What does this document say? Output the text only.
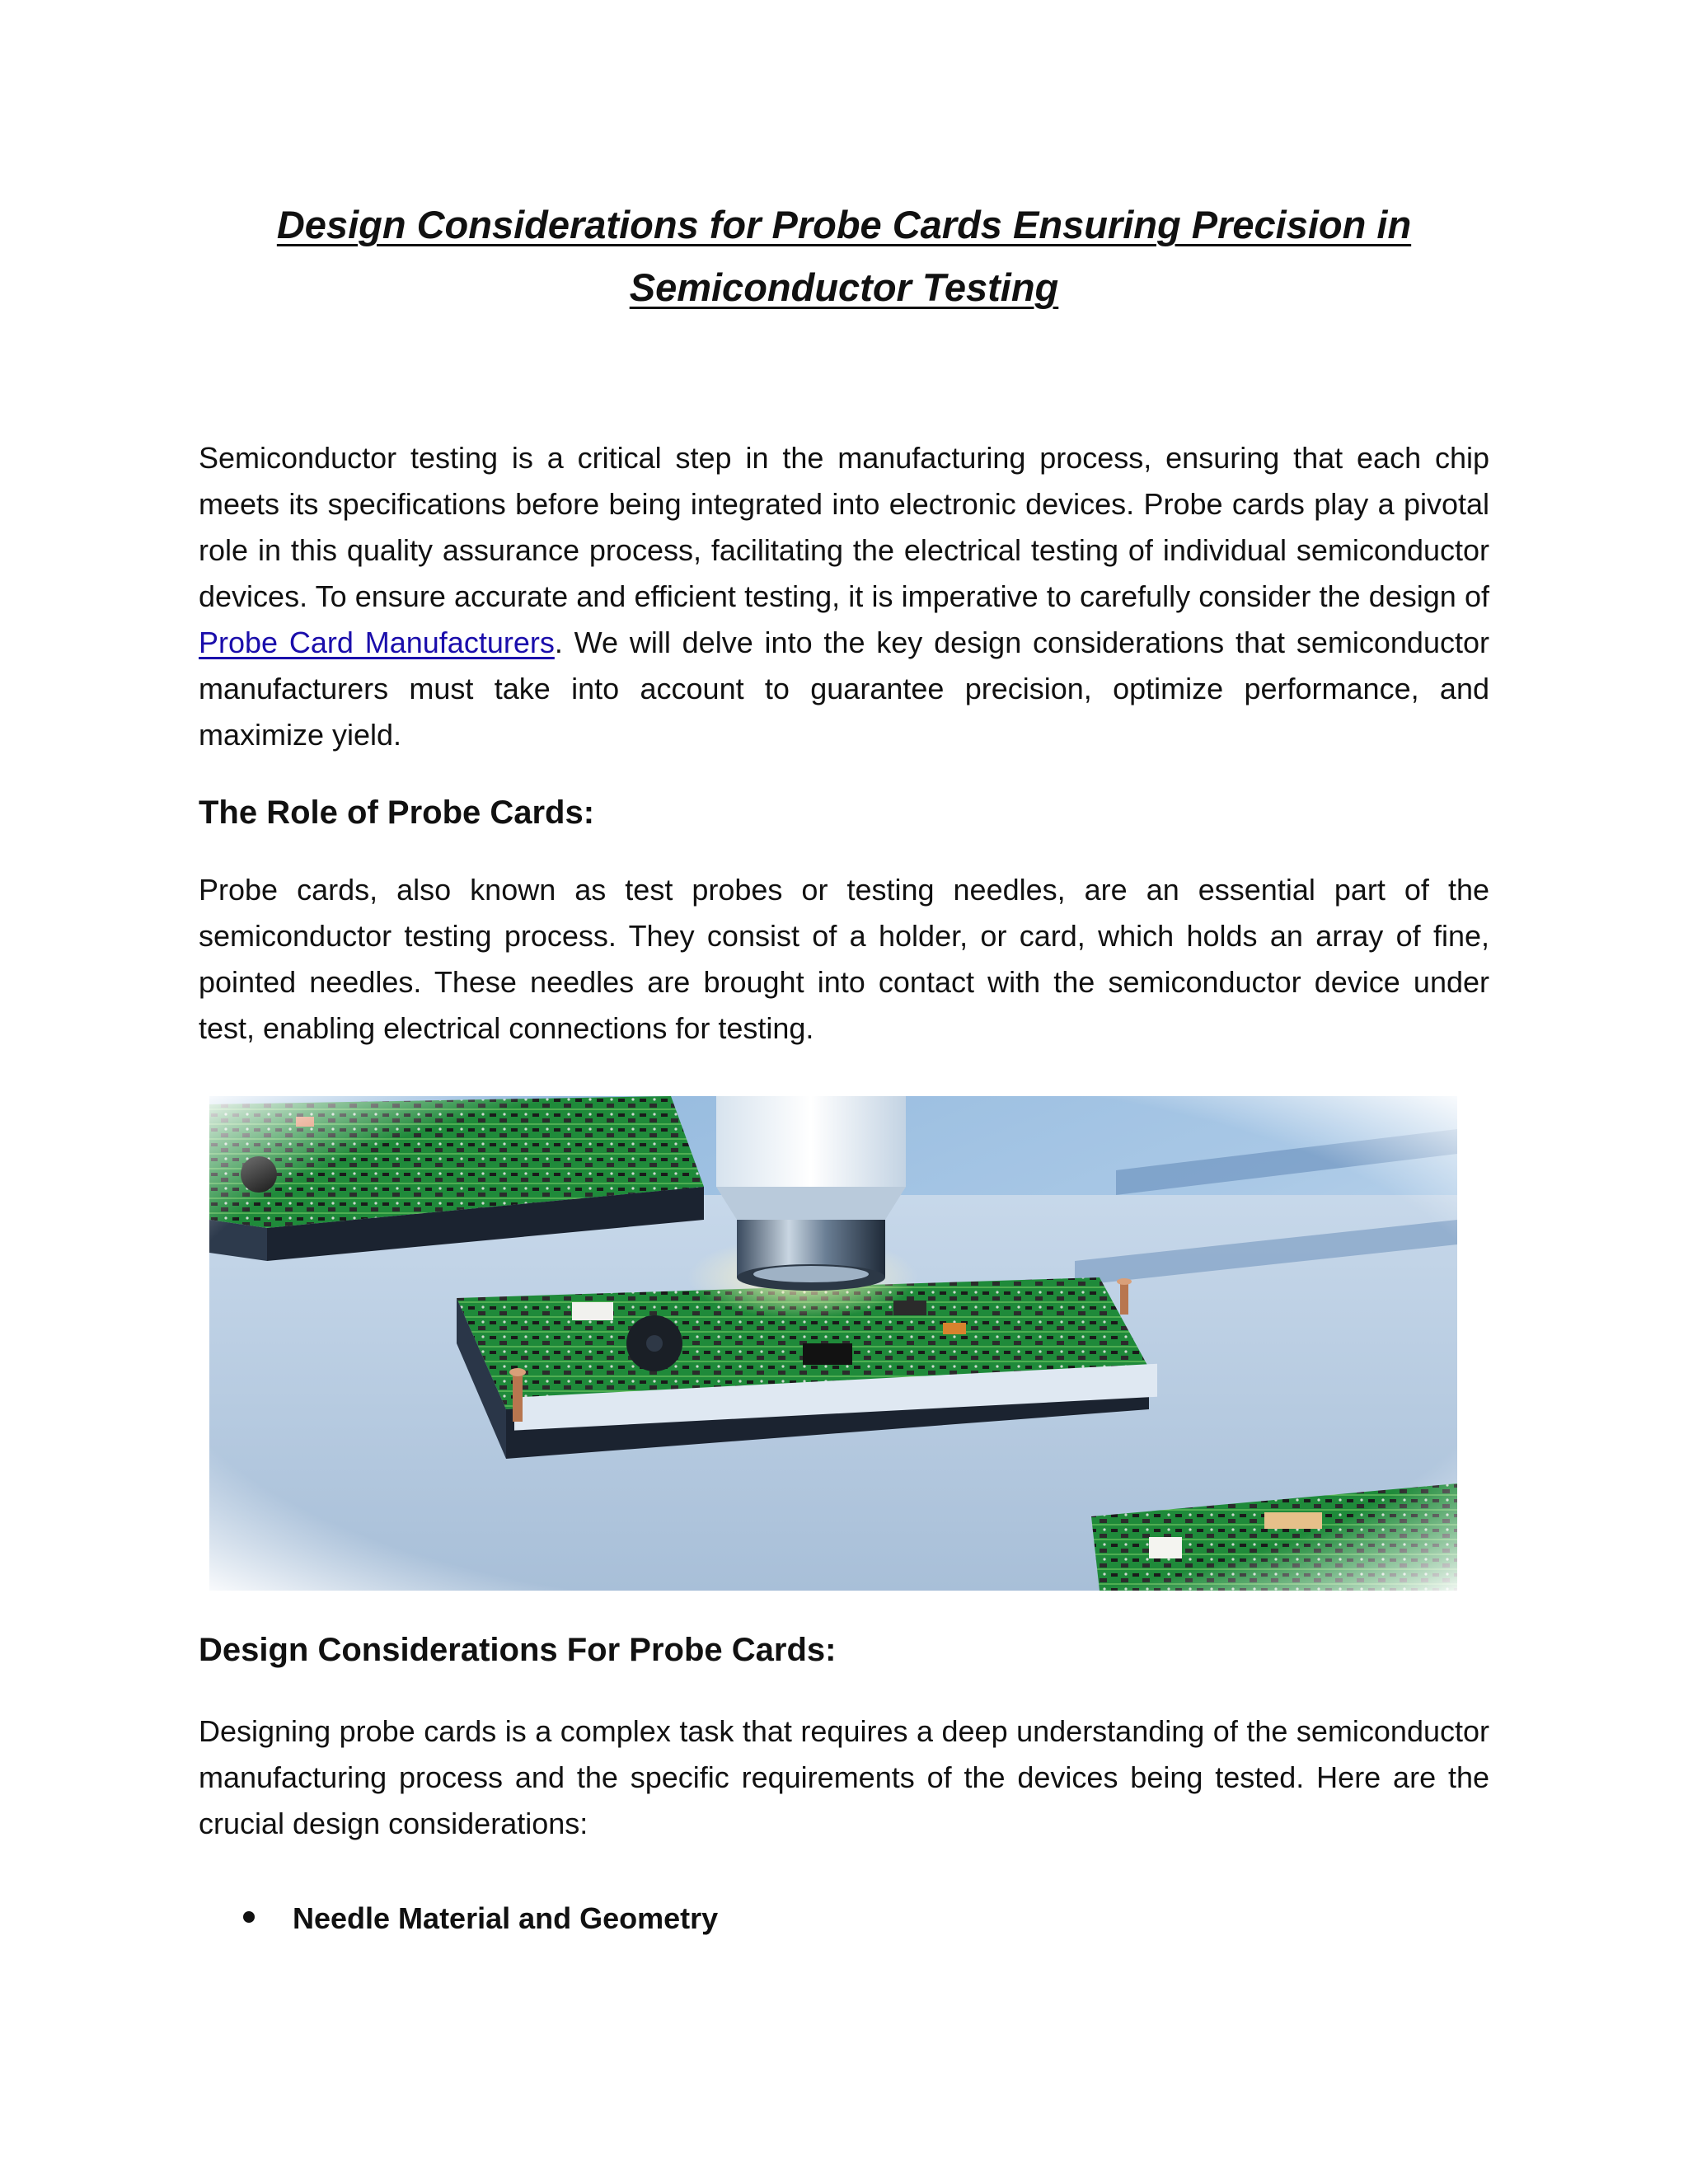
Design Considerations for Probe Cards Ensuring Precision in Semiconductor Testing

Semiconductor testing is a critical step in the manufacturing process, ensuring that each chip meets its specifications before being integrated into electronic devices. Probe cards play a pivotal role in this quality assurance process, facilitating the electrical testing of individual semiconductor devices. To ensure accurate and efficient testing, it is imperative to carefully consider the design of Probe Card Manufacturers. We will delve into the key design considerations that semiconductor manufacturers must take into account to guarantee precision, optimize performance, and maximize yield.

The Role of Probe Cards:

Probe cards, also known as test probes or testing needles, are an essential part of the semiconductor testing process. They consist of a holder, or card, which holds an array of fine, pointed needles. These needles are brought into contact with the semiconductor device under test, enabling electrical connections for testing.

Design Considerations For Probe Cards:

Designing probe cards is a complex task that requires a deep understanding of the semiconductor manufacturing process and the specific requirements of the devices being tested. Here are the crucial design considerations:

Needle Material and Geometry
